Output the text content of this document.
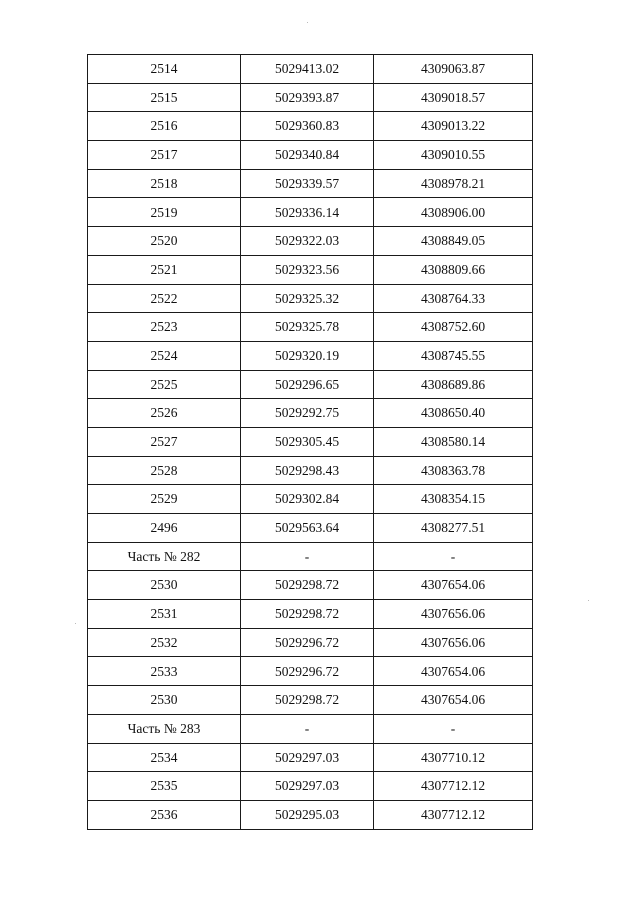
2514	5029413.02	4309063.87
2515	5029393.87	4309018.57
2516	5029360.83	4309013.22
2517	5029340.84	4309010.55
2518	5029339.57	4308978.21
2519	5029336.14	4308906.00
2520	5029322.03	4308849.05
2521	5029323.56	4308809.66
2522	5029325.32	4308764.33
2523	5029325.78	4308752.60
2524	5029320.19	4308745.55
2525	5029296.65	4308689.86
2526	5029292.75	4308650.40
2527	5029305.45	4308580.14
2528	5029298.43	4308363.78
2529	5029302.84	4308354.15
2496	5029563.64	4308277.51
Часть № 282	-	-
2530	5029298.72	4307654.06
2531	5029298.72	4307656.06
2532	5029296.72	4307656.06
2533	5029296.72	4307654.06
2530	5029298.72	4307654.06
Часть № 283	-	-
2534	5029297.03	4307710.12
2535	5029297.03	4307712.12
2536	5029295.03	4307712.12
